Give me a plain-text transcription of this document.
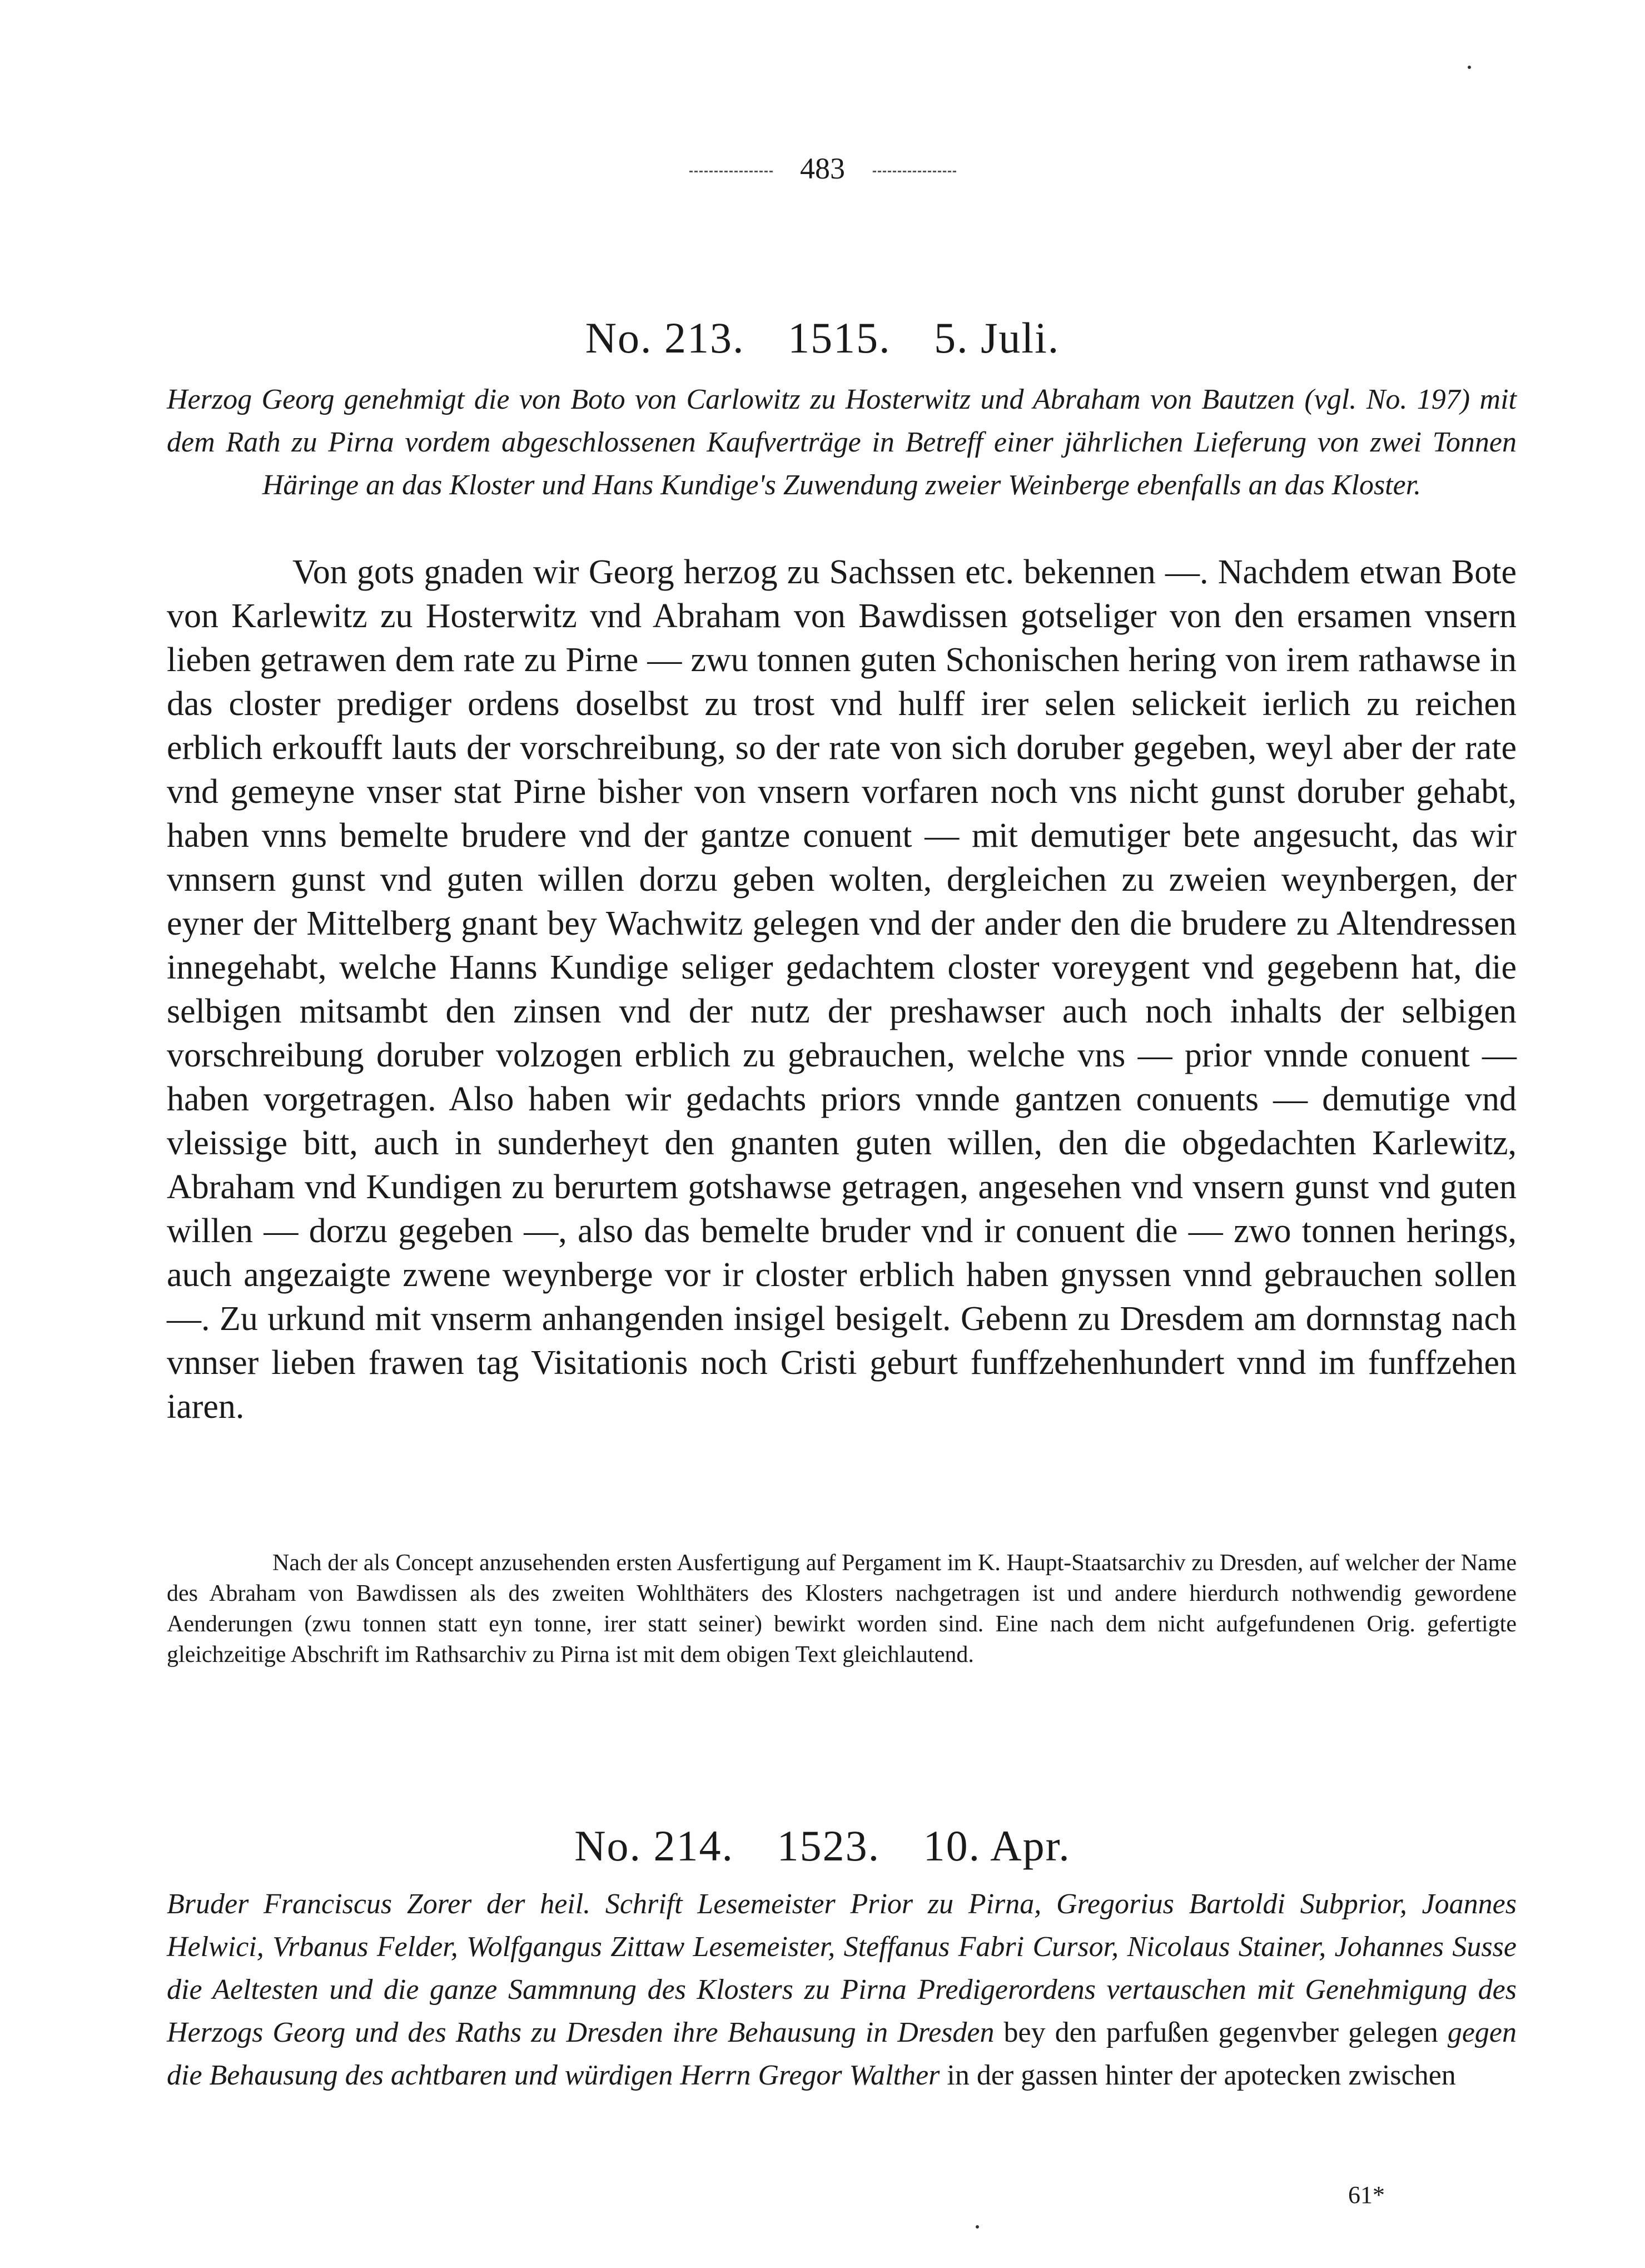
483
No. 213. 1515. 5. Juli.
Herzog Georg genehmigt die von Boto von Carlowitz zu Hosterwitz und Abraham von Bautzen (vgl. No. 197) mit dem Rath zu Pirna vordem abgeschlossenen Kaufverträge in Betreff einer jährlichen Lieferung von zwei Tonnen Häringe an das Kloster und Hans Kundige's Zuwendung zweier Weinberge ebenfalls an das Kloster.
Von gots gnaden wir Georg herzog zu Sachssen etc. bekennen —. Nachdem etwan Bote von Karlewitz zu Hosterwitz vnd Abraham von Bawdissen gotseliger von den ersamen vnsern lieben getrawen dem rate zu Pirne — zwu tonnen guten Schonischen hering von irem rathawse in das closter prediger ordens doselbst zu trost vnd hulff irer selen selickeit ierlich zu reichen erblich erkoufft lauts der vorschreibung, so der rate von sich doruber gegeben, weyl aber der rate vnd gemeyne vnser stat Pirne bisher von vnsern vorfaren noch vns nicht gunst doruber gehabt, haben vnns bemelte brudere vnd der gantze conuent — mit demutiger bete angesucht, das wir vnnsern gunst vnd guten willen dorzu geben wolten, dergleichen zu zweien weynbergen, der eyner der Mittelberg gnant bey Wachwitz gelegen vnd der ander den die brudere zu Altendressen innegehabt, welche Hanns Kundige seliger gedachtem closter voreygent vnd gegebenn hat, die selbigen mitsambt den zinsen vnd der nutz der preshawser auch noch inhalts der selbigen vorschreibung doruber volzogen erblich zu gebrauchen, welche vns — prior vnnde conuent — haben vorgetragen. Also haben wir gedachts priors vnnde gantzen conuents — demutige vnd vleissige bitt, auch in sunderheyt den gnanten guten willen, den die obgedachten Karlewitz, Abraham vnd Kundigen zu berurtem gotshawse getragen, angesehen vnd vnsern gunst vnd guten willen — dorzu gegeben —, also das bemelte bruder vnd ir conuent die — zwo tonnen herings, auch angezaigte zwene weynberge vor ir closter erblich haben gnyssen vnnd gebrauchen sollen —. Zu urkund mit vnserm anhangenden insigel besigelt. Gebenn zu Dresdem am dornnstag nach vnnser lieben frawen tag Visitationis noch Cristi geburt funffzehenhundert vnnd im funffzehen iaren.
Nach der als Concept anzusehenden ersten Ausfertigung auf Pergament im K. Haupt-Staatsarchiv zu Dresden, auf welcher der Name des Abraham von Bawdissen als des zweiten Wohlthäters des Klosters nachgetragen ist und andere hierdurch nothwendig gewordene Aenderungen (zwu tonnen statt eyn tonne, irer statt seiner) bewirkt worden sind. Eine nach dem nicht aufgefundenen Orig. gefertigte gleichzeitige Abschrift im Rathsarchiv zu Pirna ist mit dem obigen Text gleichlautend.
No. 214. 1523. 10. Apr.
Bruder Franciscus Zorer der heil. Schrift Lesemeister Prior zu Pirna, Gregorius Bartoldi Subprior, Joannes Helwici, Vrbanus Felder, Wolfgangus Zittaw Lesemeister, Steffanus Fabri Cursor, Nicolaus Stainer, Johannes Susse die Aeltesten und die ganze Sammnung des Klosters zu Pirna Predigerordens vertauschen mit Genehmigung des Herzogs Georg und des Raths zu Dresden ihre Behausung in Dresden bey den parfußen gegenvber gelegen gegen die Behausung des achtbaren und würdigen Herrn Gregor Walther in der gassen hinter der apotecken zwischen
61*
